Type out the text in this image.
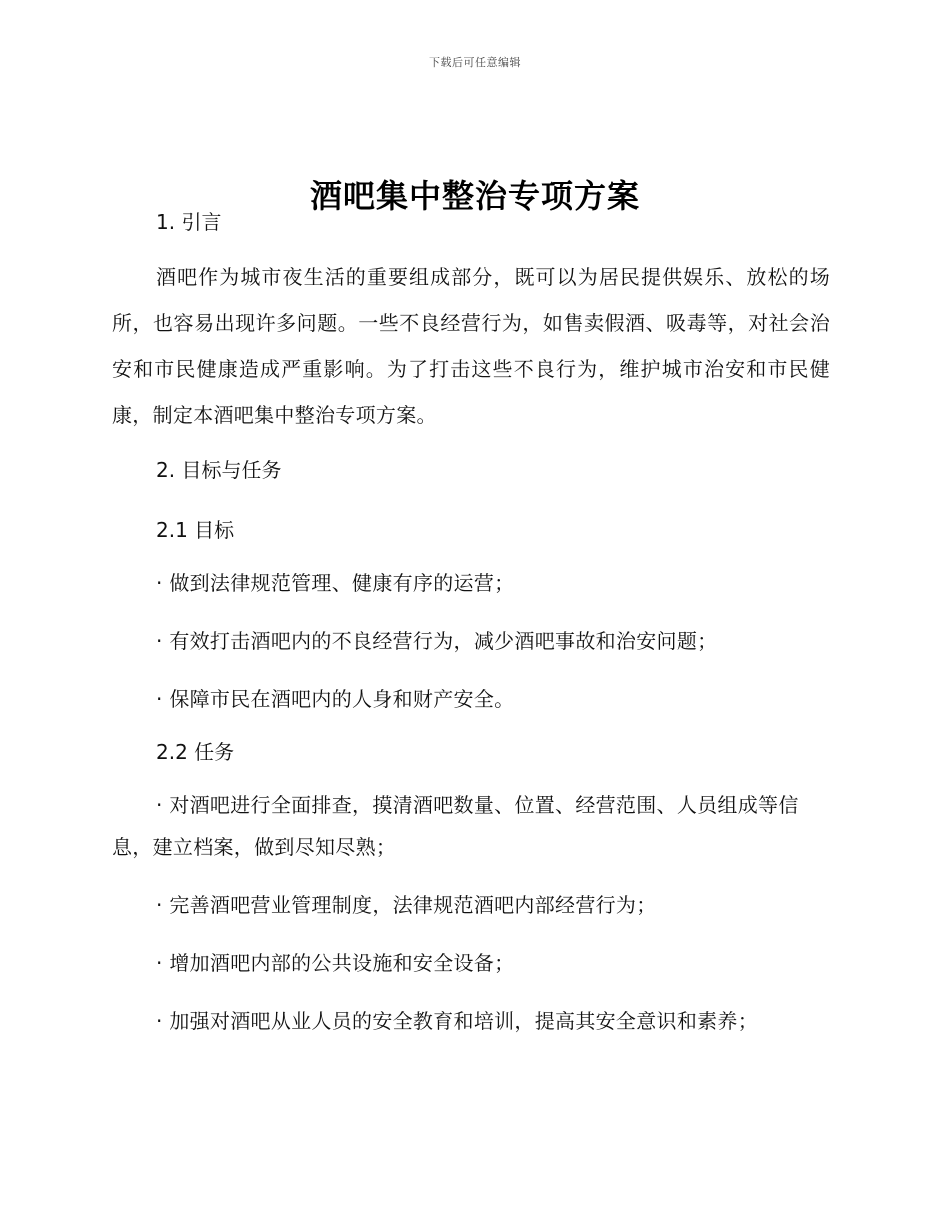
下载后可任意编辑
酒吧集中整治专项方案

1. 引言

酒吧作为城市夜生活的重要组成部分，既可以为居民提供娱乐、放松的场所，也容易出现许多问题。一些不良经营行为，如售卖假酒、吸毒等，对社会治安和市民健康造成严重影响。为了打击这些不良行为，维护城市治安和市民健康，制定本酒吧集中整治专项方案。

2. 目标与任务

2.1 目标

· 做到法律规范管理、健康有序的运营；

· 有效打击酒吧内的不良经营行为，减少酒吧事故和治安问题；

· 保障市民在酒吧内的人身和财产安全。

2.2 任务

· 对酒吧进行全面排查，摸清酒吧数量、位置、经营范围、人员组成等信息，建立档案，做到尽知尽熟；

· 完善酒吧营业管理制度，法律规范酒吧内部经营行为；

· 增加酒吧内部的公共设施和安全设备；

· 加强对酒吧从业人员的安全教育和培训，提高其安全意识和素养；
